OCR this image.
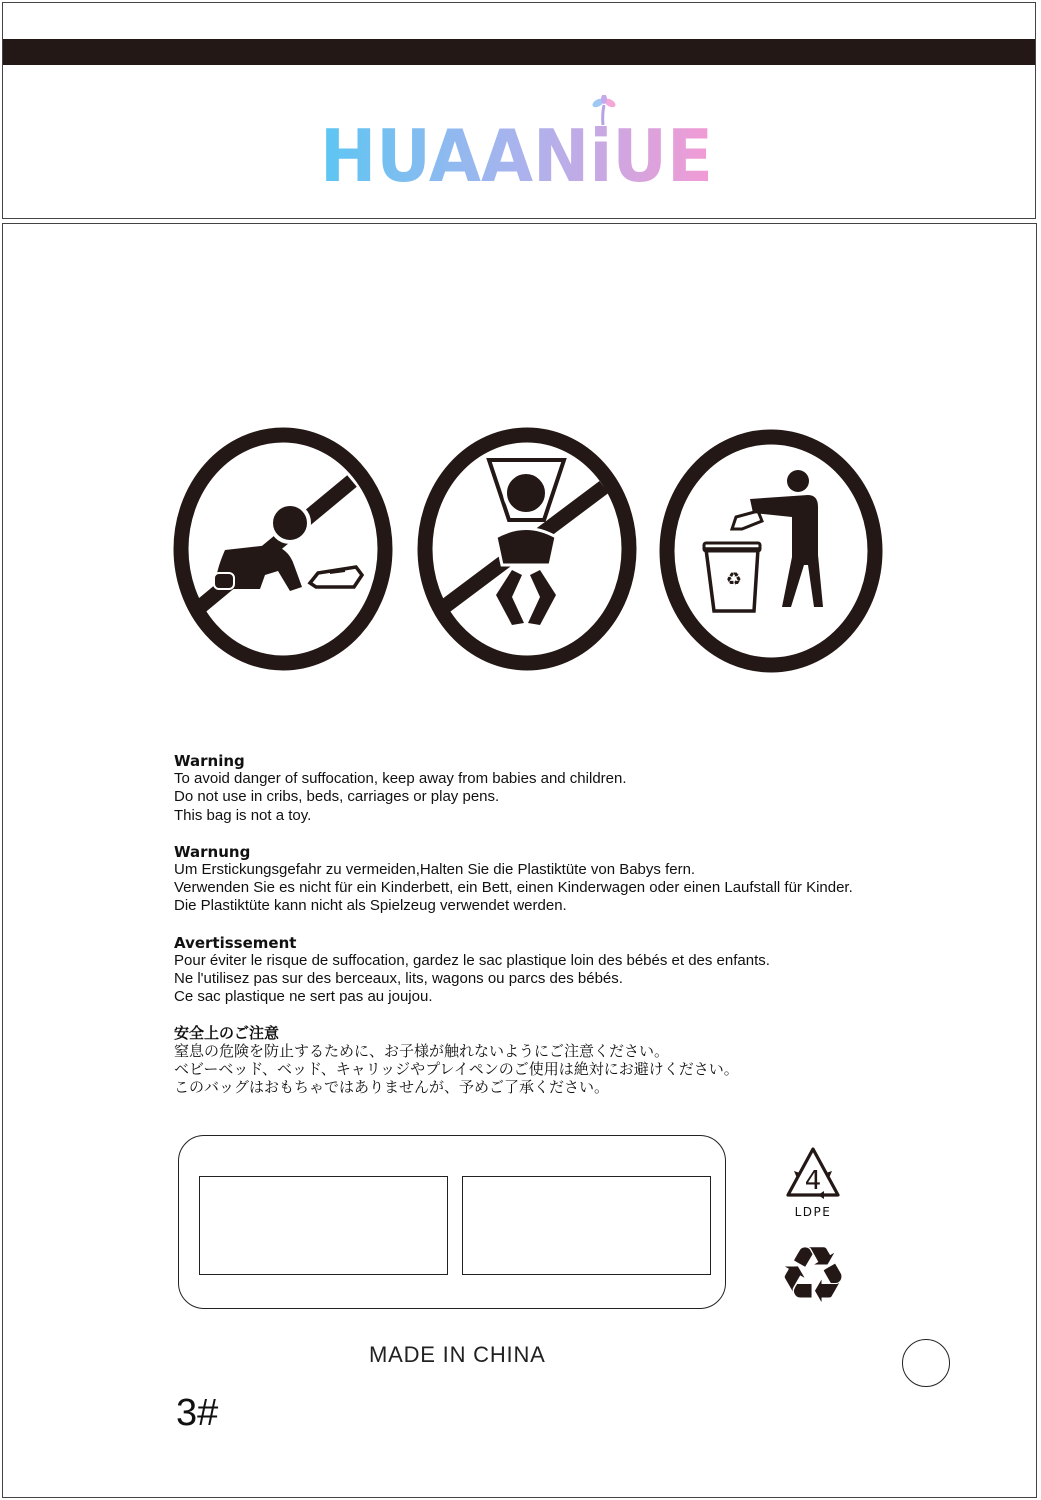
HUAANiUE
♻
Warning
To avoid danger of suffocation, keep away from babies and children.
Do not use in cribs, beds, carriages or play pens.
This bag is not a toy.
Warnung
Um Erstickungsgefahr zu vermeiden,Halten Sie die Plastiktüte von Babys fern.
Verwenden Sie es nicht für ein Kinderbett, ein Bett, einen Kinderwagen oder einen Laufstall für Kinder.
Die Plastiktüte kann nicht als Spielzeug verwendet werden.
Avertissement
Pour éviter le risque de suffocation, gardez le sac plastique loin des bébés et des enfants.
Ne l'utilisez pas sur des berceaux, lits, wagons ou parcs des bébés.
Ce sac plastique ne sert pas au joujou.
安全上のご注意
窒息の危険を防止するために、お子様が触れないようにご注意ください。
ベビーベッド、ベッド、キャリッジやプレイペンのご使用は絶対にお避けください。
このバッグはおもちゃではありませんが、予めご了承ください。
4
LDPE
♻
MADE IN CHINA
3#
